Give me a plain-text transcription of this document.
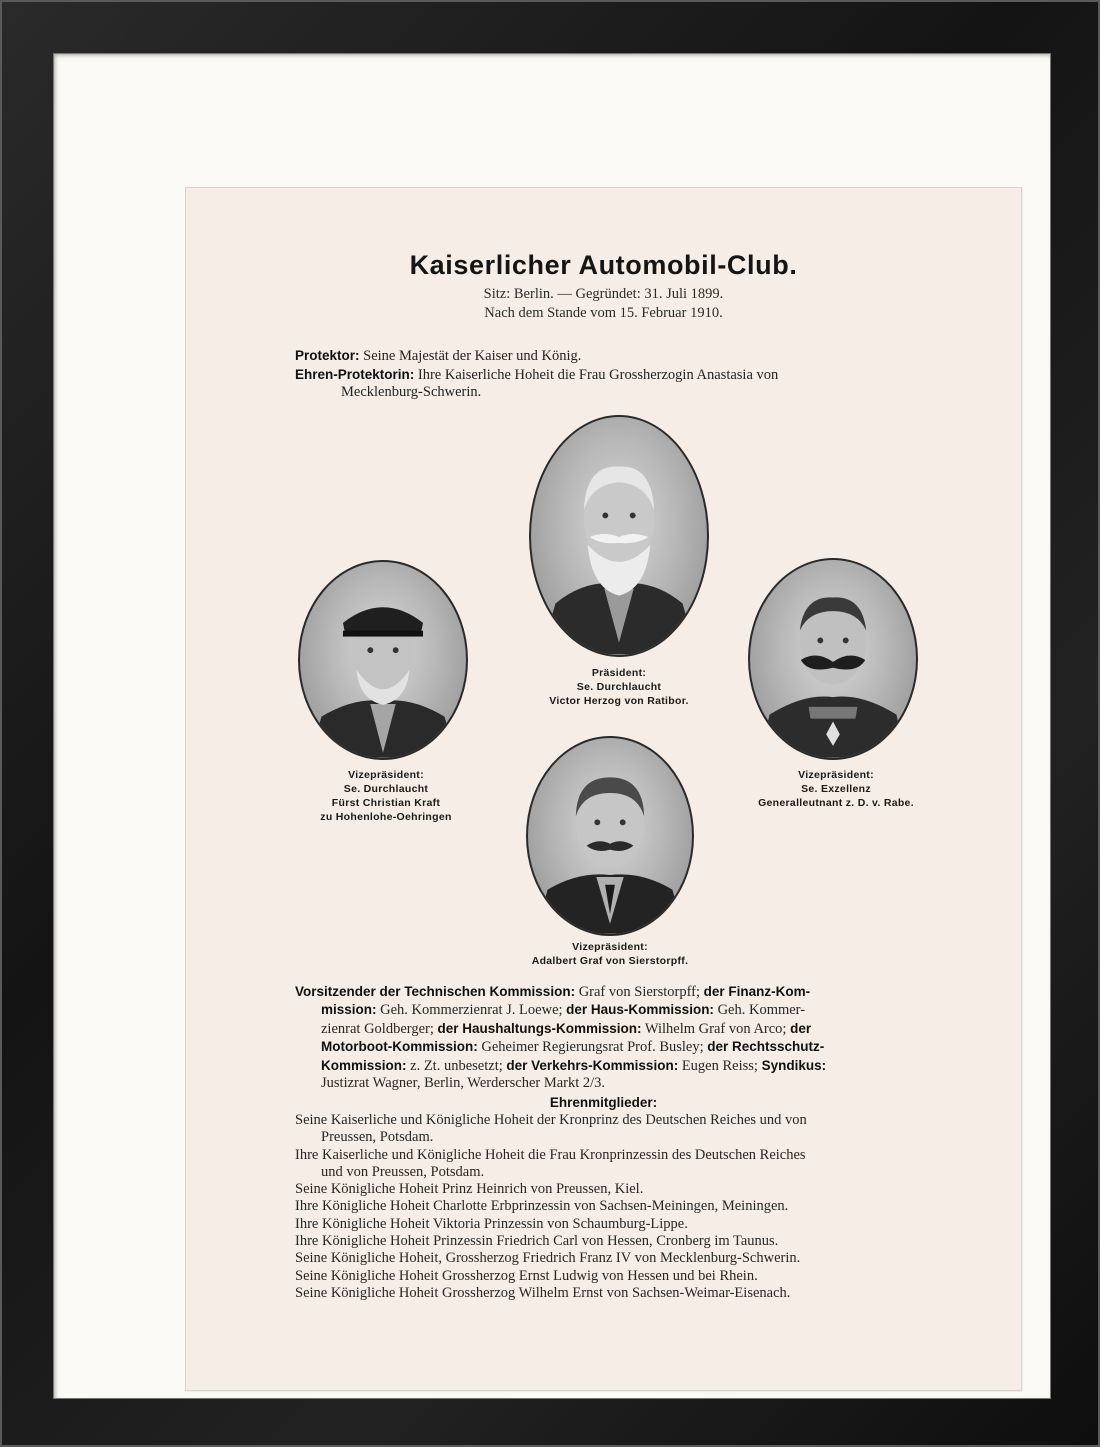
Kaiserlicher Automobil-Club.
Sitz: Berlin. — Gegründet: 31. Juli 1899.
Nach dem Stande vom 15. Februar 1910.
Protektor: Seine Majestät der Kaiser und König.
Ehren-Protektorin: Ihre Kaiserliche Hoheit die Frau Grossherzogin Anastasia von
Mecklenburg-Schwerin.
Präsident:
Se. Durchlaucht
Victor Herzog von Ratibor.
Vizepräsident:
Se. Durchlaucht
Fürst Christian Kraft
zu Hohenlohe-Oehringen
Vizepräsident:
Se. Exzellenz
Generalleutnant z. D. v. Rabe.
Vizepräsident:
Adalbert Graf von Sierstorpff.
Vorsitzender der Technischen Kommission: Graf von Sierstorpff; der Finanz-Kom-
mission: Geh. Kommerzienrat J. Loewe; der Haus-Kommission: Geh. Kommer-
zienrat Goldberger; der Haushaltungs-Kommission: Wilhelm Graf von Arco; der
Motorboot-Kommission: Geheimer Regierungsrat Prof. Busley; der Rechtsschutz-
Kommission: z. Zt. unbesetzt; der Verkehrs-Kommission: Eugen Reiss; Syndikus:
Justizrat Wagner, Berlin, Werderscher Markt 2/3.
Ehrenmitglieder:
Seine Kaiserliche und Königliche Hoheit der Kronprinz des Deutschen Reiches und von
Preussen, Potsdam.
Ihre Kaiserliche und Königliche Hoheit die Frau Kronprinzessin des Deutschen Reiches
und von Preussen, Potsdam.
Seine Königliche Hoheit Prinz Heinrich von Preussen, Kiel.
Ihre Königliche Hoheit Charlotte Erbprinzessin von Sachsen-Meiningen, Meiningen.
Ihre Königliche Hoheit Viktoria Prinzessin von Schaumburg-Lippe.
Ihre Königliche Hoheit Prinzessin Friedrich Carl von Hessen, Cronberg im Taunus.
Seine Königliche Hoheit, Grossherzog Friedrich Franz IV von Mecklenburg-Schwerin.
Seine Königliche Hoheit Grossherzog Ernst Ludwig von Hessen und bei Rhein.
Seine Königliche Hoheit Grossherzog Wilhelm Ernst von Sachsen-Weimar-Eisenach.
